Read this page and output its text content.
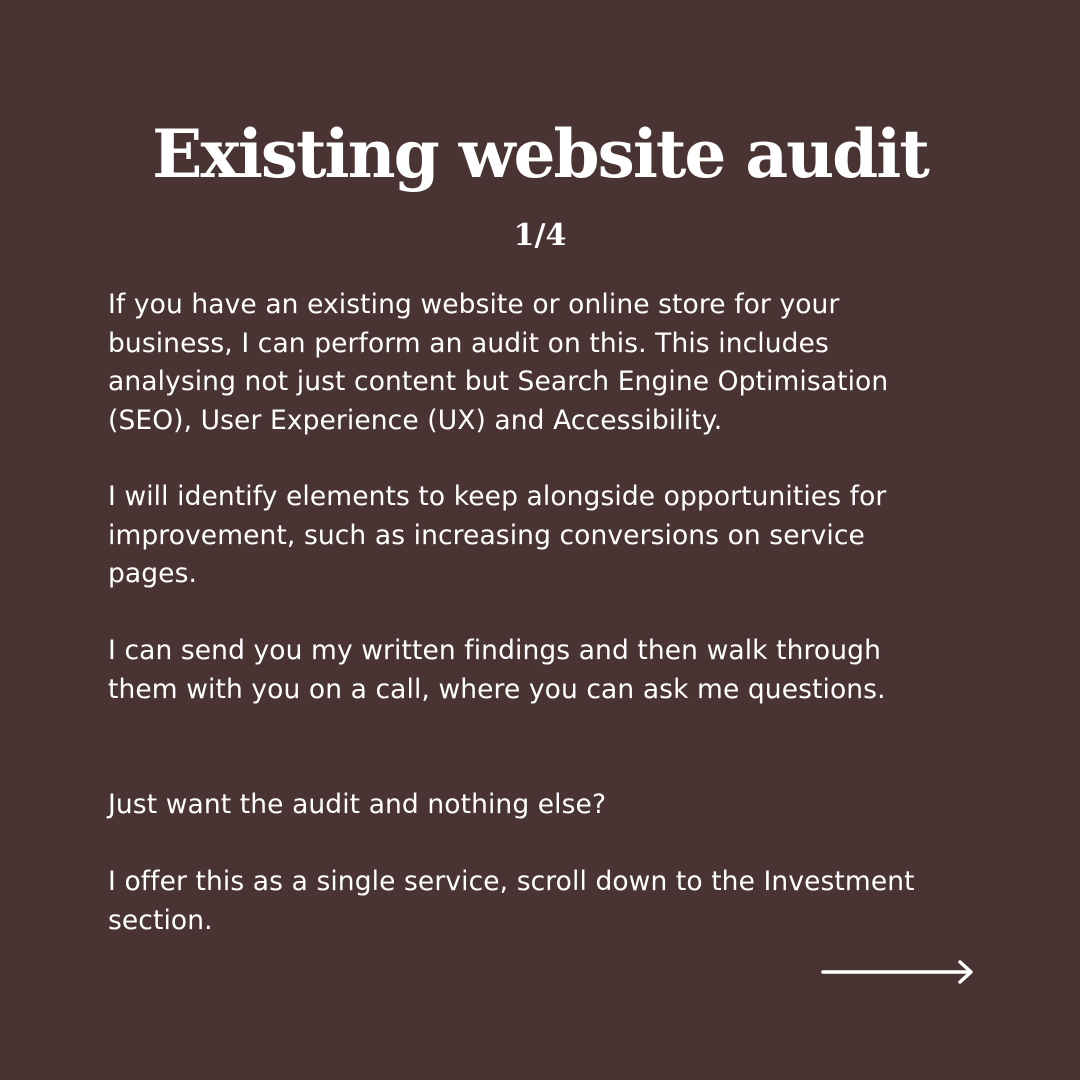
Existing website audit
1/4

If you have an existing website or online store for your
business, I can perform an audit on this. This includes
analysing not just content but Search Engine Optimisation
(SEO), User Experience (UX) and Accessibility.

I will identify elements to keep alongside opportunities for
improvement, such as increasing conversions on service
pages.

I can send you my written findings and then walk through
them with you on a call, where you can ask me questions.

Just want the audit and nothing else?

I offer this as a single service, scroll down to the Investment
section.
